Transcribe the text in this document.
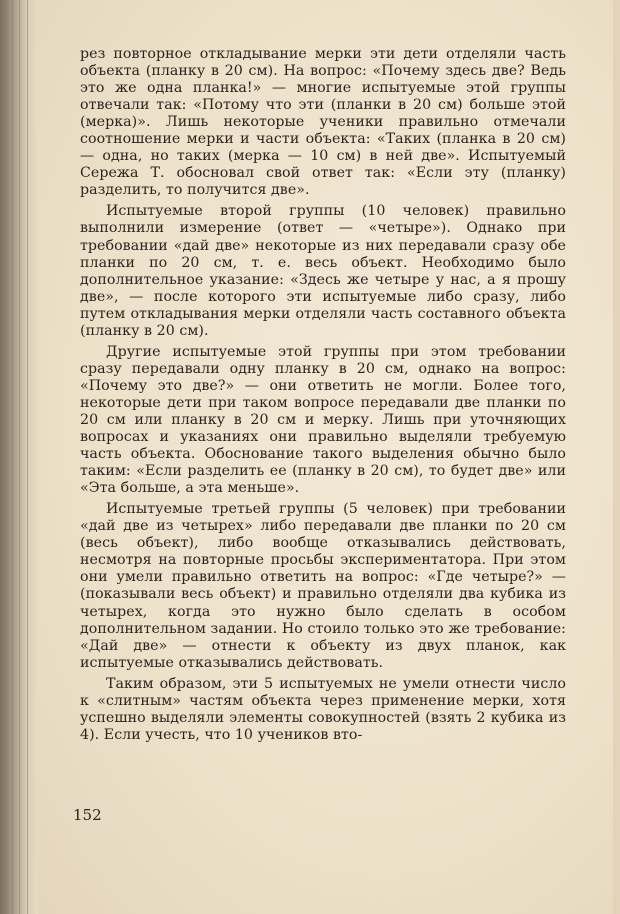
рез повторное откладывание мерки эти дети отделяли часть объекта (планку в 20 см). На вопрос: «Почему здесь две? Ведь это же одна планка!» — многие испытуемые этой группы отвечали так: «Потому что эти (планки в 20 см) больше этой (мерка)». Лишь некоторые ученики правильно отмечали соотношение мерки и части объекта: «Таких (планка в 20 см) — одна, но таких (мерка — 10 см) в ней две». Испытуемый Сережа Т. обосновал свой ответ так: «Если эту (планку) разделить, то получится две».

Испытуемые второй группы (10 человек) правильно выполнили измерение (ответ — «четыре»). Однако при требовании «дай две» некоторые из них передавали сразу обе планки по 20 см, т. е. весь объект. Необходимо было дополнительное указание: «Здесь же четыре у нас, а я прошу две», — после которого эти испытуемые либо сразу, либо путем откладывания мерки отделяли часть составного объекта (планку в 20 см).

Другие испытуемые этой группы при этом требовании сразу передавали одну планку в 20 см, однако на вопрос: «Почему это две?» — они ответить не могли. Более того, некоторые дети при таком вопросе передавали две планки по 20 см или планку в 20 см и мерку. Лишь при уточняющих вопросах и указаниях они правильно выделяли требуемую часть объекта. Обоснование такого выделения обычно было таким: «Если разделить ее (планку в 20 см), то будет две» или «Эта больше, а эта меньше».

Испытуемые третьей группы (5 человек) при требовании «дай две из четырех» либо передавали две планки по 20 см (весь объект), либо вообще отказывались действовать, несмотря на повторные просьбы экспериментатора. При этом они умели правильно ответить на вопрос: «Где четыре?» — (показывали весь объект) и правильно отделяли два кубика из четырех, когда это нужно было сделать в особом дополнительном задании. Но стоило только это же требование: «Дай две» — отнести к объекту из двух планок, как испытуемые отказывались действовать.

Таким образом, эти 5 испытуемых не умели отнести число к «слитным» частям объекта через применение мерки, хотя успешно выделяли элементы совокупностей (взять 2 кубика из 4). Если учесть, что 10 учеников вто-

152
